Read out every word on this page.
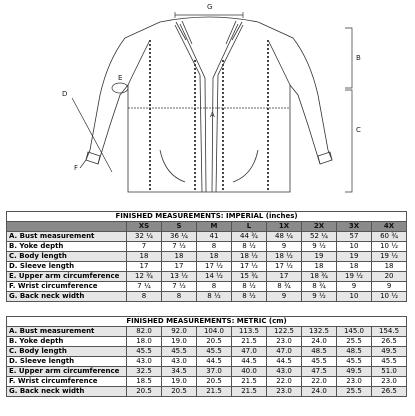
G
B
C
A
D
E
F
FINISHED MEASUREMENTS: IMPERIAL (inches)								
	XS	S	M	L	1X	2X	3X	4X
A. Bust measurement	32 ¼	36 ¼	41	44 ¾	48 ¼	52 ¼	57	60 ¾
B. Yoke depth	7	7 ½	8	8 ½	9	9 ½	10	10 ½
C. Body length	18	18	18	18 ½	18 ½	19	19	19 ½
D. Sleeve length	17	17	17 ½	17 ½	17 ½	18	18	18
E. Upper arm circumference	12 ¾	13 ½	14 ½	15 ¾	17	18 ¾	19 ½	20
F. Wrist circumference	7 ¼	7 ½	8	8 ½	8 ¾	8 ¾	9	9
G. Back neck width	8	8	8 ½	8 ½	9	9 ½	10	10 ½
FINISHED MEASUREMENTS: METRIC (cm)								
A. Bust measurement	82.0	92.0	104.0	113.5	122.5	132.5	145.0	154.5
B. Yoke depth	18.0	19.0	20.5	21.5	23.0	24.0	25.5	26.5
C. Body length	45.5	45.5	45.5	47.0	47.0	48.5	48.5	49.5
D. Sleeve length	43.0	43.0	44.5	44.5	44.5	45.5	45.5	45.5
E. Upper arm circumference	32.5	34.5	37.0	40.0	43.0	47.5	49.5	51.0
F. Wrist circumference	18.5	19.0	20.5	21.5	22.0	22.0	23.0	23.0
G. Back neck width	20.5	20.5	21.5	21.5	23.0	24.0	25.5	26.5
